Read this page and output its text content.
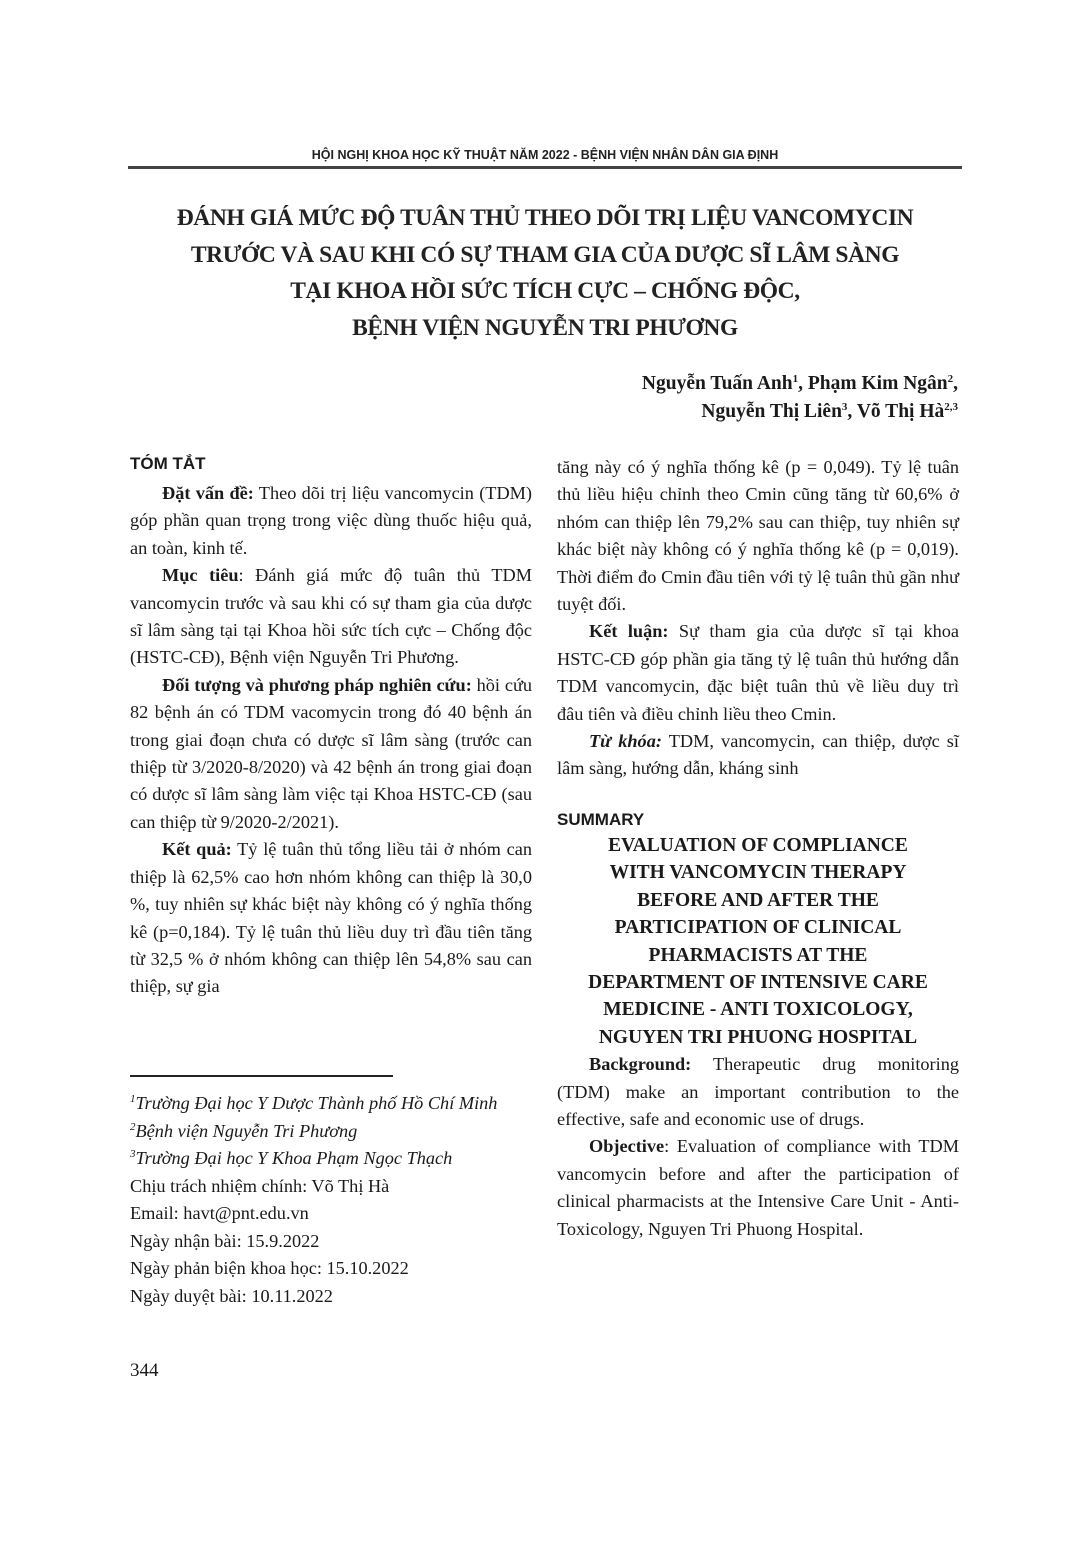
HỘI NGHỊ KHOA HỌC KỸ THUẬT NĂM 2022 - BỆNH VIỆN NHÂN DÂN GIA ĐỊNH
ĐÁNH GIÁ MỨC ĐỘ TUÂN THỦ THEO DÕI TRỊ LIỆU VANCOMYCIN
TRƯỚC VÀ SAU KHI CÓ SỰ THAM GIA CỦA DƯỢC SĨ LÂM SÀNG
TẠI KHOA HỒI SỨC TÍCH CỰC – CHỐNG ĐỘC,
BỆNH VIỆN NGUYỄN TRI PHƯƠNG
Nguyễn Tuấn Anh$^1$, Phạm Kim Ngân$^2$,
Nguyễn Thị Liên$^3$, Võ Thị Hà$^{2,3}$
TÓM TẮT

Đặt vấn đề: Theo dõi trị liệu vancomycin (TDM) góp phần quan trọng trong việc dùng thuốc hiệu quả, an toàn, kinh tế.

Mục tiêu: Đánh giá mức độ tuân thủ TDM vancomycin trước và sau khi có sự tham gia của dược sĩ lâm sàng tại tại Khoa hồi sức tích cực – Chống độc (HSTC-CĐ), Bệnh viện Nguyễn Tri Phương.

Đối tượng và phương pháp nghiên cứu: hồi cứu 82 bệnh án có TDM vacomycin trong đó 40 bệnh án trong giai đoạn chưa có dược sĩ lâm sàng (trước can thiệp từ 3/2020-8/2020) và 42 bệnh án trong giai đoạn có dược sĩ lâm sàng làm việc tại Khoa HSTC-CĐ (sau can thiệp từ 9/2020-2/2021).

Kết quả: Tỷ lệ tuân thủ tổng liều tải ở nhóm can thiệp là 62,5% cao hơn nhóm không can thiệp là 30,0 %, tuy nhiên sự khác biệt này không có ý nghĩa thống kê (p=0,184). Tỷ lệ tuân thủ liều duy trì đầu tiên tăng từ 32,5 % ở nhóm không can thiệp lên 54,8% sau can thiệp, sự gia

$^1$Trường Đại học Y Dược Thành phố Hồ Chí Minh
$^2$Bệnh viện Nguyễn Tri Phương
$^3$Trường Đại học Y Khoa Phạm Ngọc Thạch
Chịu trách nhiệm chính: Võ Thị Hà
Email: havt@pnt.edu.vn
Ngày nhận bài: 15.9.2022
Ngày phản biện khoa học: 15.10.2022
Ngày duyệt bài: 10.11.2022
344

tăng này có ý nghĩa thống kê (p = 0,049). Tỷ lệ tuân thủ liều hiệu chỉnh theo Cmin cũng tăng từ 60,6% ở nhóm can thiệp lên 79,2% sau can thiệp, tuy nhiên sự khác biệt này không có ý nghĩa thống kê (p = 0,019). Thời điểm đo Cmin đầu tiên với tỷ lệ tuân thủ gần như tuyệt đối.

Kết luận: Sự tham gia của dược sĩ tại khoa HSTC-CĐ góp phần gia tăng tỷ lệ tuân thủ hướng dẫn TDM vancomycin, đặc biệt tuân thủ về liều duy trì đâu tiên và điều chỉnh liều theo Cmin.

Từ khóa: TDM, vancomycin, can thiệp, dược sĩ lâm sàng, hướng dẫn, kháng sinh

SUMMARY
EVALUATION OF COMPLIANCE
WITH VANCOMYCIN THERAPY
BEFORE AND AFTER THE
PARTICIPATION OF CLINICAL
PHARMACISTS AT THE
DEPARTMENT OF INTENSIVE CARE
MEDICINE - ANTI TOXICOLOGY,
NGUYEN TRI PHUONG HOSPITAL

Background: Therapeutic drug monitoring (TDM) make an important contribution to the effective, safe and economic use of drugs.

Objective: Evaluation of compliance with TDM vancomycin before and after the participation of clinical pharmacists at the Intensive Care Unit - Anti-Toxicology, Nguyen Tri Phuong Hospital.
